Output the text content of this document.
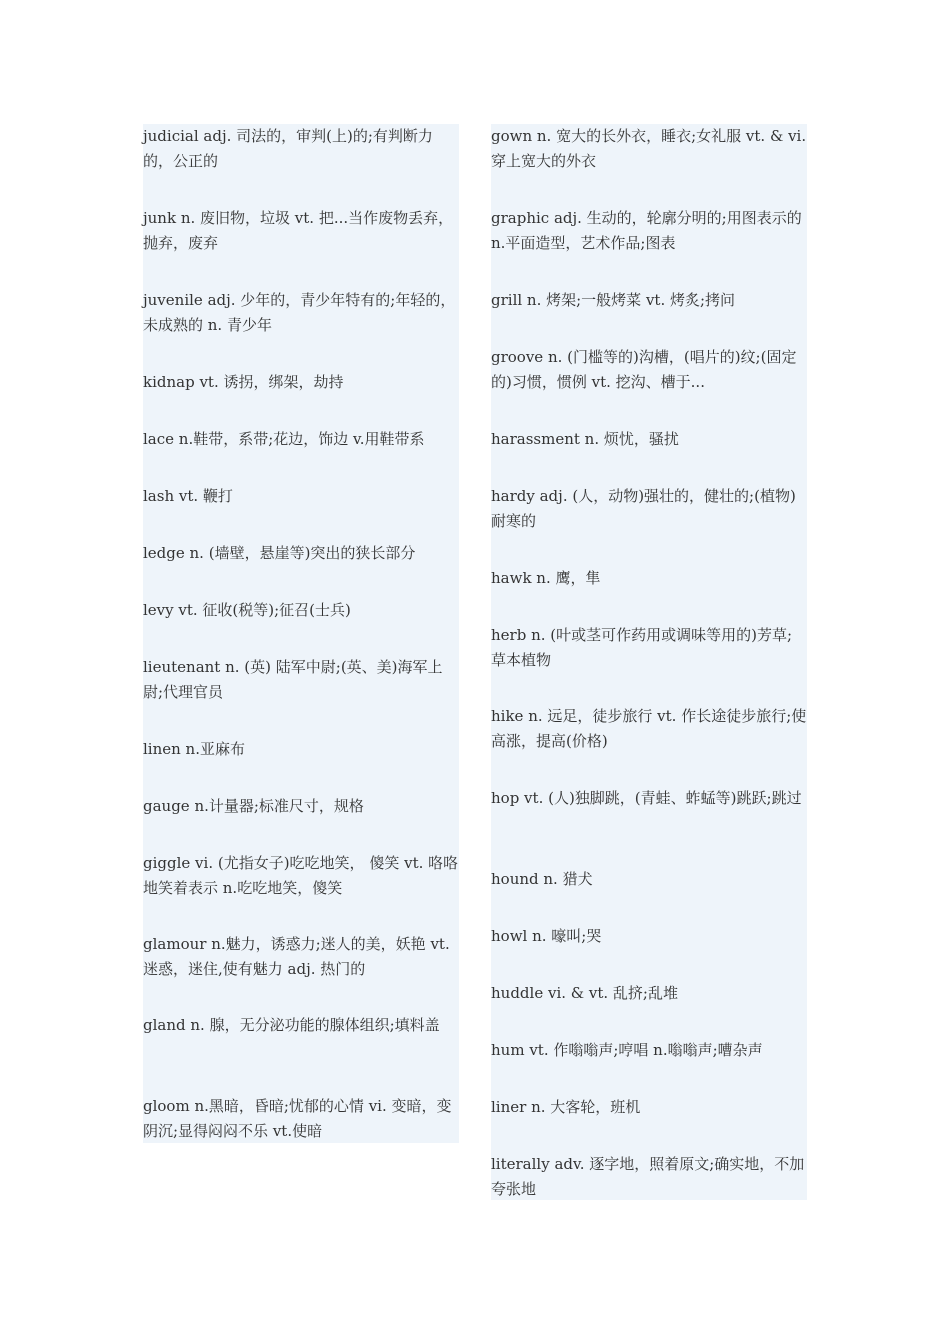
judicial adj. 司法的，审判(上)的;有判断力的，公正的
junk n. 废旧物，垃圾 vt. 把...当作废物丢弃，抛弃，废弃
juvenile adj. 少年的，青少年特有的;年轻的，未成熟的 n. 青少年
kidnap vt. 诱拐，绑架，劫持
lace n.鞋带，系带;花边，饰边 v.用鞋带系
lash vt. 鞭打
ledge n. (墙壁，悬崖等)突出的狭长部分
levy vt. 征收(税等);征召(士兵)
lieutenant n. (英) 陆军中尉;(英、美)海军上尉;代理官员
linen n.亚麻布
gauge n.计量器;标准尺寸，规格
giggle vi. (尤指女子)吃吃地笑， 傻笑 vt. 咯咯地笑着表示 n.吃吃地笑，傻笑
glamour n.魅力，诱惑力;迷人的美，妖艳 vt. 迷惑，迷住,使有魅力 adj. 热门的
gland n. 腺，无分泌功能的腺体组织;填料盖
gloom n.黑暗，昏暗;忧郁的心情 vi. 变暗，变阴沉;显得闷闷不乐 vt.使暗
gown n. 宽大的长外衣，睡衣;女礼服 vt. & vi. 穿上宽大的外衣
graphic adj. 生动的，轮廓分明的;用图表示的 n.平面造型，艺术作品;图表
grill n. 烤架;一般烤菜 vt. 烤炙;拷问
groove n. (门槛等的)沟槽，(唱片的)纹;(固定的)习惯，惯例 vt. 挖沟、槽于...
harassment n. 烦忧，骚扰
hardy adj. (人，动物)强壮的，健壮的;(植物)耐寒的
hawk n. 鹰，隼
herb n. (叶或茎可作药用或调味等用的)芳草;草本植物
hike n. 远足，徒步旅行 vt. 作长途徒步旅行;使高涨，提高(价格)
hop vt. (人)独脚跳，(青蛙、蚱蜢等)跳跃;跳过
hound n. 猎犬
howl n. 嚎叫;哭
huddle vi. & vt. 乱挤;乱堆
hum vt. 作嗡嗡声;哼唱 n.嗡嗡声;嘈杂声
liner n. 大客轮，班机
literally adv. 逐字地，照着原文;确实地，不加夸张地
